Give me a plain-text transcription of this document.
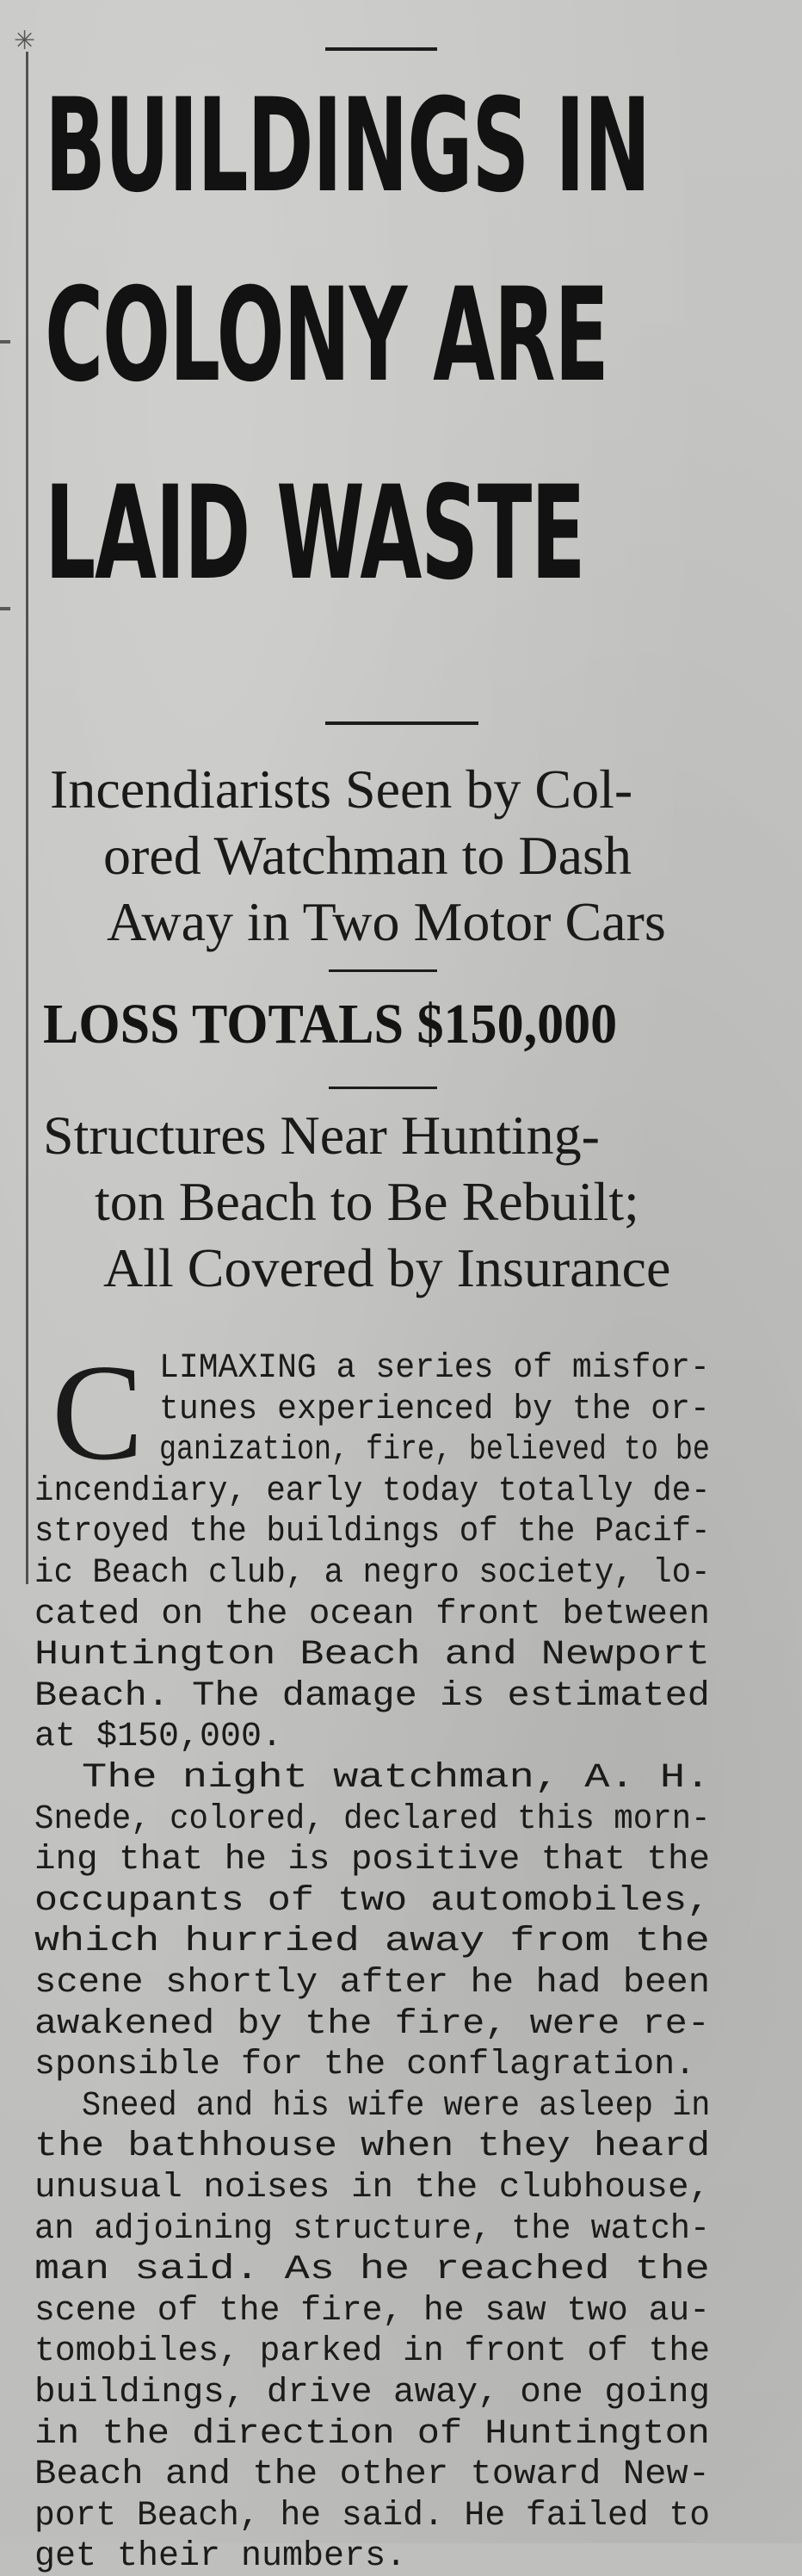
✳
BUILDINGS IN
COLONY ARE
LAID WASTE
Incendiarists Seen by Col-
ored Watchman to Dash
Away in Two Motor Cars
LOSS TOTALS $150,000
Structures Near Hunting-
ton Beach to Be Rebuilt;
All Covered by Insurance
C LIMAXING a series of misfor-
tunes experienced by the or-
ganization, fire, believed to be
incendiary, early today totally de-
stroyed the buildings of the Pacif-
ic Beach club, a negro society, lo-
cated on the ocean front between
Huntington Beach and Newport
Beach. The damage is estimated
at $150,000.
The night watchman, A. H.
Snede, colored, declared this morn-
ing that he is positive that the
occupants of two automobiles,
which hurried away from the
scene shortly after he had been
awakened by the fire, were re-
sponsible for the conflagration.
Sneed and his wife were asleep in
the bathhouse when they heard
unusual noises in the clubhouse,
an adjoining structure, the watch-
man said. As he reached the
scene of the fire, he saw two au-
tomobiles, parked in front of the
buildings, drive away, one going
in the direction of Huntington
Beach and the other toward New-
port Beach, he said. He failed to
get their numbers.
